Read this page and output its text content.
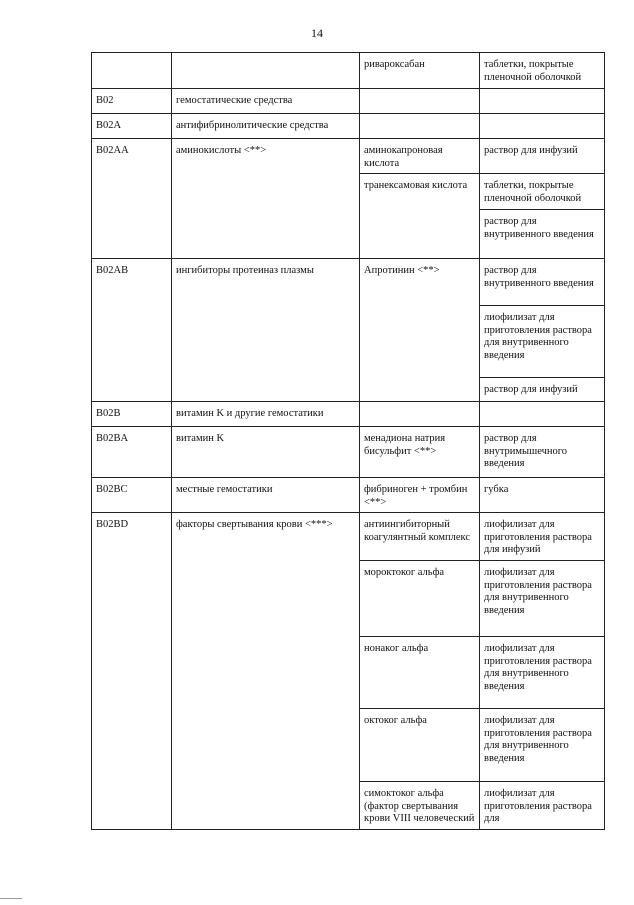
14
		ривароксабан	таблетки, покрытые пленочной оболочкой
B02	гемостатические средства		
B02A	антифибринолитические средства		
B02AA	аминокислоты <**>	аминокапроновая кислота	раствор для инфузий
		транексамовая кислота	таблетки, покрытые пленочной оболочкой
			раствор для внутривенного введения
B02AB	ингибиторы протеиназ плазмы	Апротинин <**>	раствор для внутривенного введения
			лиофилизат для приготовления раствора для внутривенного введения
			раствор для инфузий
B02B	витамин K и другие гемостатики		
B02BA	витамин K	менадиона натрия бисульфит <**>	раствор для внутримышечного введения
B02BC	местные гемостатики	фибриноген + тромбин <**>	губка
B02BD	факторы свертывания крови <***>	антиингибиторный коагулянтный комплекс	лиофилизат для приготовления раствора для инфузий
		мороктоког альфа	лиофилизат для приготовления раствора для внутривенного введения
		нонаког альфа	лиофилизат для приготовления раствора для внутривенного введения
		октоког альфа	лиофилизат для приготовления раствора для внутривенного введения
		симоктоког альфа (фактор свертывания крови VIII человеческий	лиофилизат для приготовления раствора для
